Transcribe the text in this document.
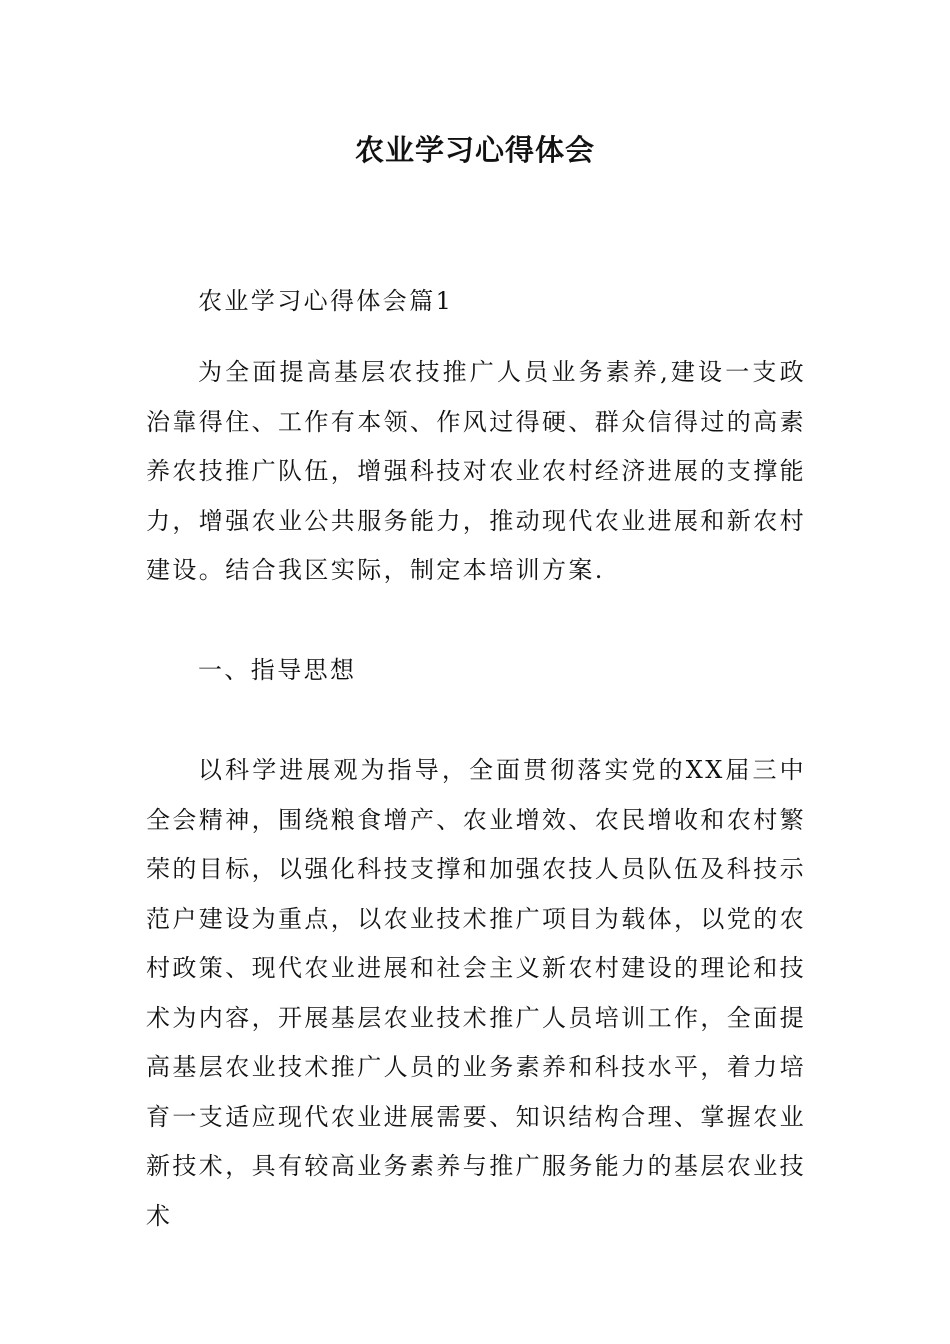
农业学习心得体会

农业学习心得体会篇1

为全面提高基层农技推广人员业务素养,建设一支政治靠得住、工作有本领、作风过得硬、群众信得过的高素养农技推广队伍，增强科技对农业农村经济进展的支撑能力，增强农业公共服务能力，推动现代农业进展和新农村建设。结合我区实际，制定本培训方案.

一、指导思想

以科学进展观为指导，全面贯彻落实党的XX届三中全会精神，围绕粮食增产、农业增效、农民增收和农村繁荣的目标，以强化科技支撑和加强农技人员队伍及科技示范户建设为重点，以农业技术推广项目为载体，以党的农村政策、现代农业进展和社会主义新农村建设的理论和技术为内容，开展基层农业技术推广人员培训工作，全面提高基层农业技术推广人员的业务素养和科技水平，着力培育一支适应现代农业进展需要、知识结构合理、掌握农业新技术，具有较高业务素养与推广服务能力的基层农业技术
